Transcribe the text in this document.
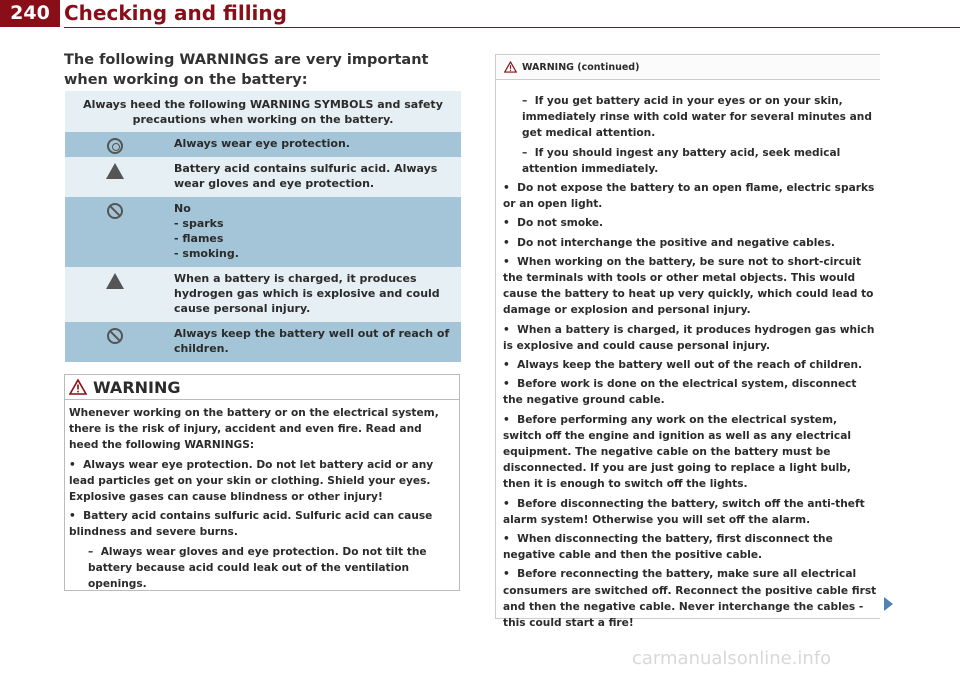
240 Checking and filling
The following WARNINGS are very important when working on the battery:
Always heed the following WARNING SYMBOLS and safety precautions when working on the battery.
Always wear eye protection.
Battery acid contains sulfuric acid. Always wear gloves and eye protection.
No
- sparks
- flames
- smoking.
When a battery is charged, it produces hydrogen gas which is explosive and could cause personal injury.
Always keep the battery well out of reach of children.
WARNING

Whenever working on the battery or on the electrical system, there is the risk of injury, accident and even fire. Read and heed the following WARNINGS:

•  Always wear eye protection. Do not let battery acid or any lead particles get on your skin or clothing. Shield your eyes. Explosive gases can cause blindness or other injury!

•  Battery acid contains sulfuric acid. Sulfuric acid can cause blindness and severe burns.

–  Always wear gloves and eye protection. Do not tilt the battery because acid could leak out of the ventilation openings.

WARNING (continued)

–  If you get battery acid in your eyes or on your skin, immediately rinse with cold water for several minutes and get medical attention.

–  If you should ingest any battery acid, seek medical attention immediately.

•  Do not expose the battery to an open flame, electric sparks or an open light.

•  Do not smoke.

•  Do not interchange the positive and negative cables.

•  When working on the battery, be sure not to short-circuit the terminals with tools or other metal objects. This would cause the battery to heat up very quickly, which could lead to damage or explosion and personal injury.

•  When a battery is charged, it produces hydrogen gas which is explosive and could cause personal injury.

•  Always keep the battery well out of the reach of children.

•  Before work is done on the electrical system, disconnect the negative ground cable.

•  Before performing any work on the electrical system, switch off the engine and ignition as well as any electrical equipment. The negative cable on the battery must be disconnected. If you are just going to replace a light bulb, then it is enough to switch off the lights.

•  Before disconnecting the battery, switch off the anti-theft alarm system! Otherwise you will set off the alarm.

•  When disconnecting the battery, first disconnect the negative cable and then the positive cable.

•  Before reconnecting the battery, make sure all electrical consumers are switched off. Reconnect the positive cable first and then the negative cable. Never interchange the cables - this could start a fire!

carmanualsonline.info
